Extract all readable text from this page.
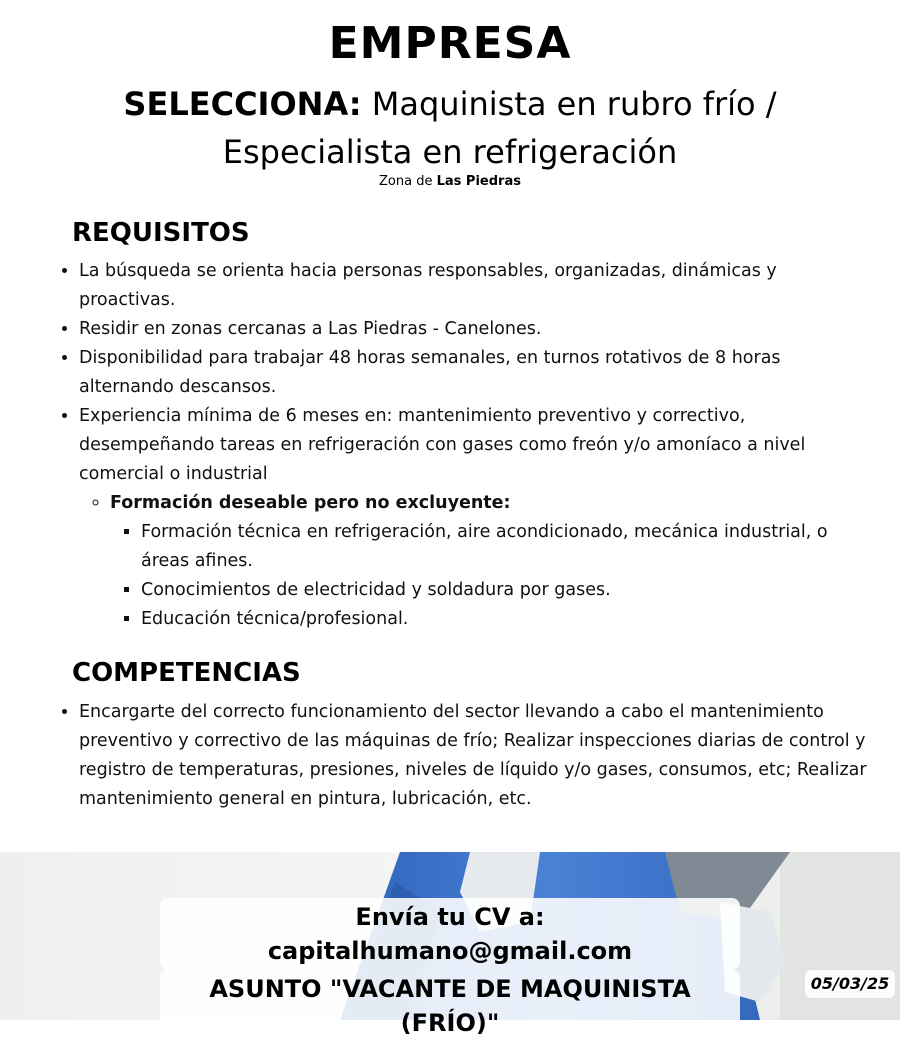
EMPRESA
SELECCIONA: Maquinista en rubro frío / Especialista en refrigeración
Zona de Las Piedras
REQUISITOS
• La búsqueda se orienta hacia personas responsables, organizadas, dinámicas y proactivas.
• Residir en zonas cercanas a Las Piedras - Canelones.
• Disponibilidad para trabajar 48 horas semanales, en turnos rotativos de 8 horas alternando descansos.
• Experiencia mínima de 6 meses en: mantenimiento preventivo y correctivo, desempeñando tareas en refrigeración con gases como freón y/o amoníaco a nivel comercial o industrial
◦ Formación deseable pero no excluyente:
▪ Formación técnica en refrigeración, aire acondicionado, mecánica industrial, o áreas afines.
▪ Conocimientos de electricidad y soldadura por gases.
▪ Educación técnica/profesional.
COMPETENCIAS
• Encargarte del correcto funcionamiento del sector llevando a cabo el mantenimiento preventivo y correctivo de las máquinas de frío; Realizar inspecciones diarias de control y registro de temperaturas, presiones, niveles de líquido y/o gases, consumos, etc; Realizar mantenimiento general en pintura, lubricación, etc.
Envía tu CV a: capitalhumano@gmail.com
ASUNTO "VACANTE DE MAQUINISTA (FRÍO)"
05/03/25
